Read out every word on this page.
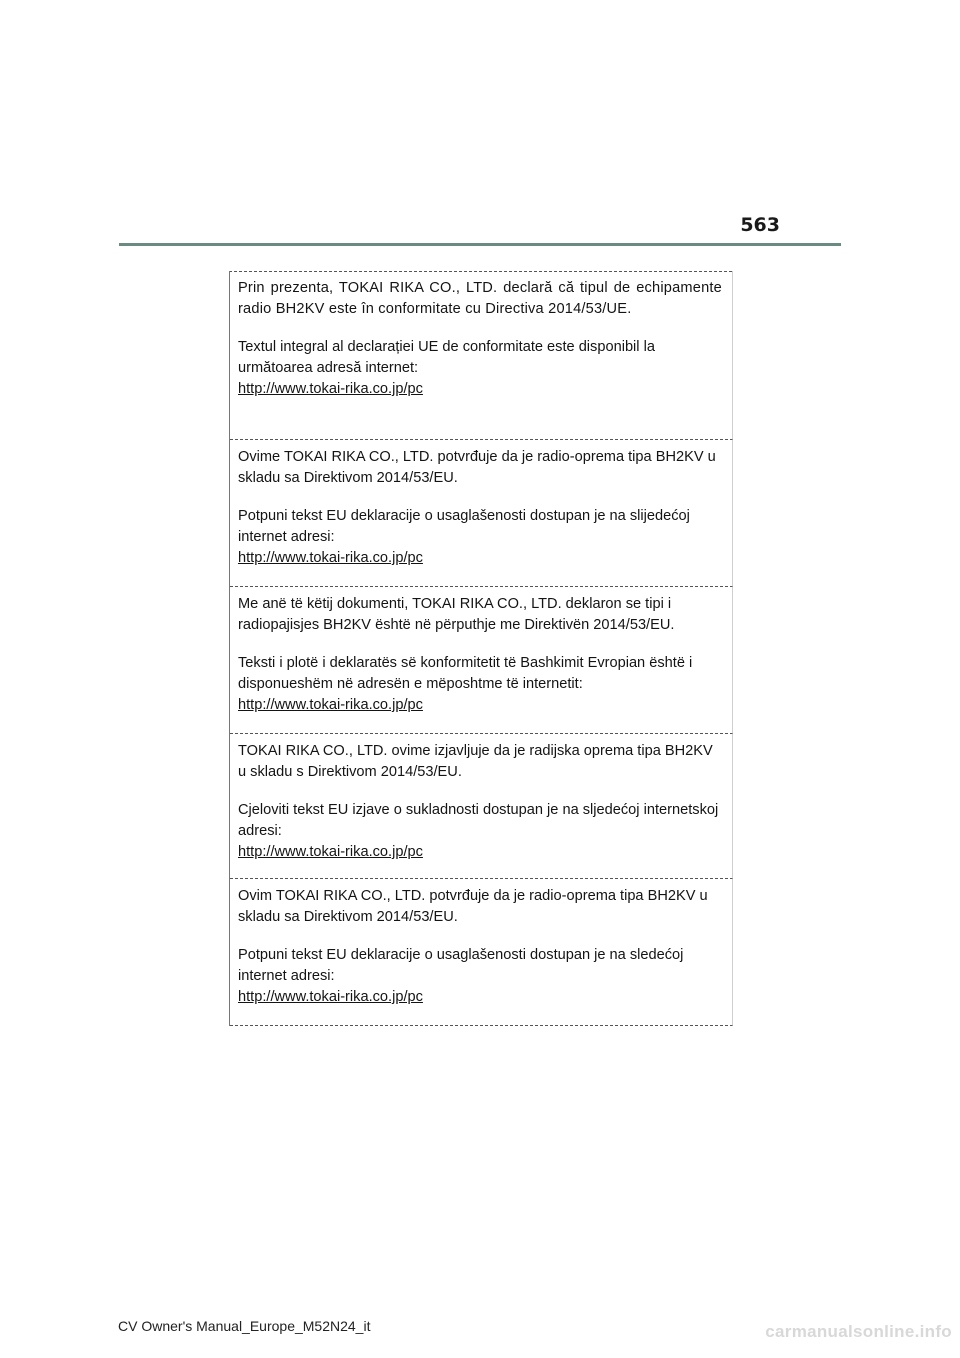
563

Prin prezenta, TOKAI RIKA CO., LTD. declară că tipul de echipamente radio BH2KV este în conformitate cu Directiva 2014/53/UE.

Textul integral al declarației UE de conformitate este disponibil la următoarea adresă internet:

http://www.tokai-rika.co.jp/pc

Ovime TOKAI RIKA CO., LTD. potvrđuje da je radio-oprema tipa BH2KV u skladu sa Direktivom 2014/53/EU.

Potpuni tekst EU deklaracije o usaglašenosti dostupan je na slijedećoj internet adresi:

http://www.tokai-rika.co.jp/pc

Me anë të këtij dokumenti, TOKAI RIKA CO., LTD. deklaron se tipi i radiopajisjes BH2KV është në përputhje me Direktivën 2014/53/EU.

Teksti i plotë i deklaratës së konformitetit të Bashkimit Evropian është i disponueshëm në adresën e mëposhtme të internetit:

http://www.tokai-rika.co.jp/pc

TOKAI RIKA CO., LTD. ovime izjavljuje da je radijska oprema tipa BH2KV u skladu s Direktivom 2014/53/EU.

Cjeloviti tekst EU izjave o sukladnosti dostupan je na sljedećoj internetskoj adresi:

http://www.tokai-rika.co.jp/pc

Ovim TOKAI RIKA CO., LTD. potvrđuje da je radio-oprema tipa BH2KV u skladu sa Direktivom 2014/53/EU.

Potpuni tekst EU deklaracije o usaglašenosti dostupan je na sledećoj internet adresi:

http://www.tokai-rika.co.jp/pc

CV Owner's Manual_Europe_M52N24_it	carmanualsonline.info
